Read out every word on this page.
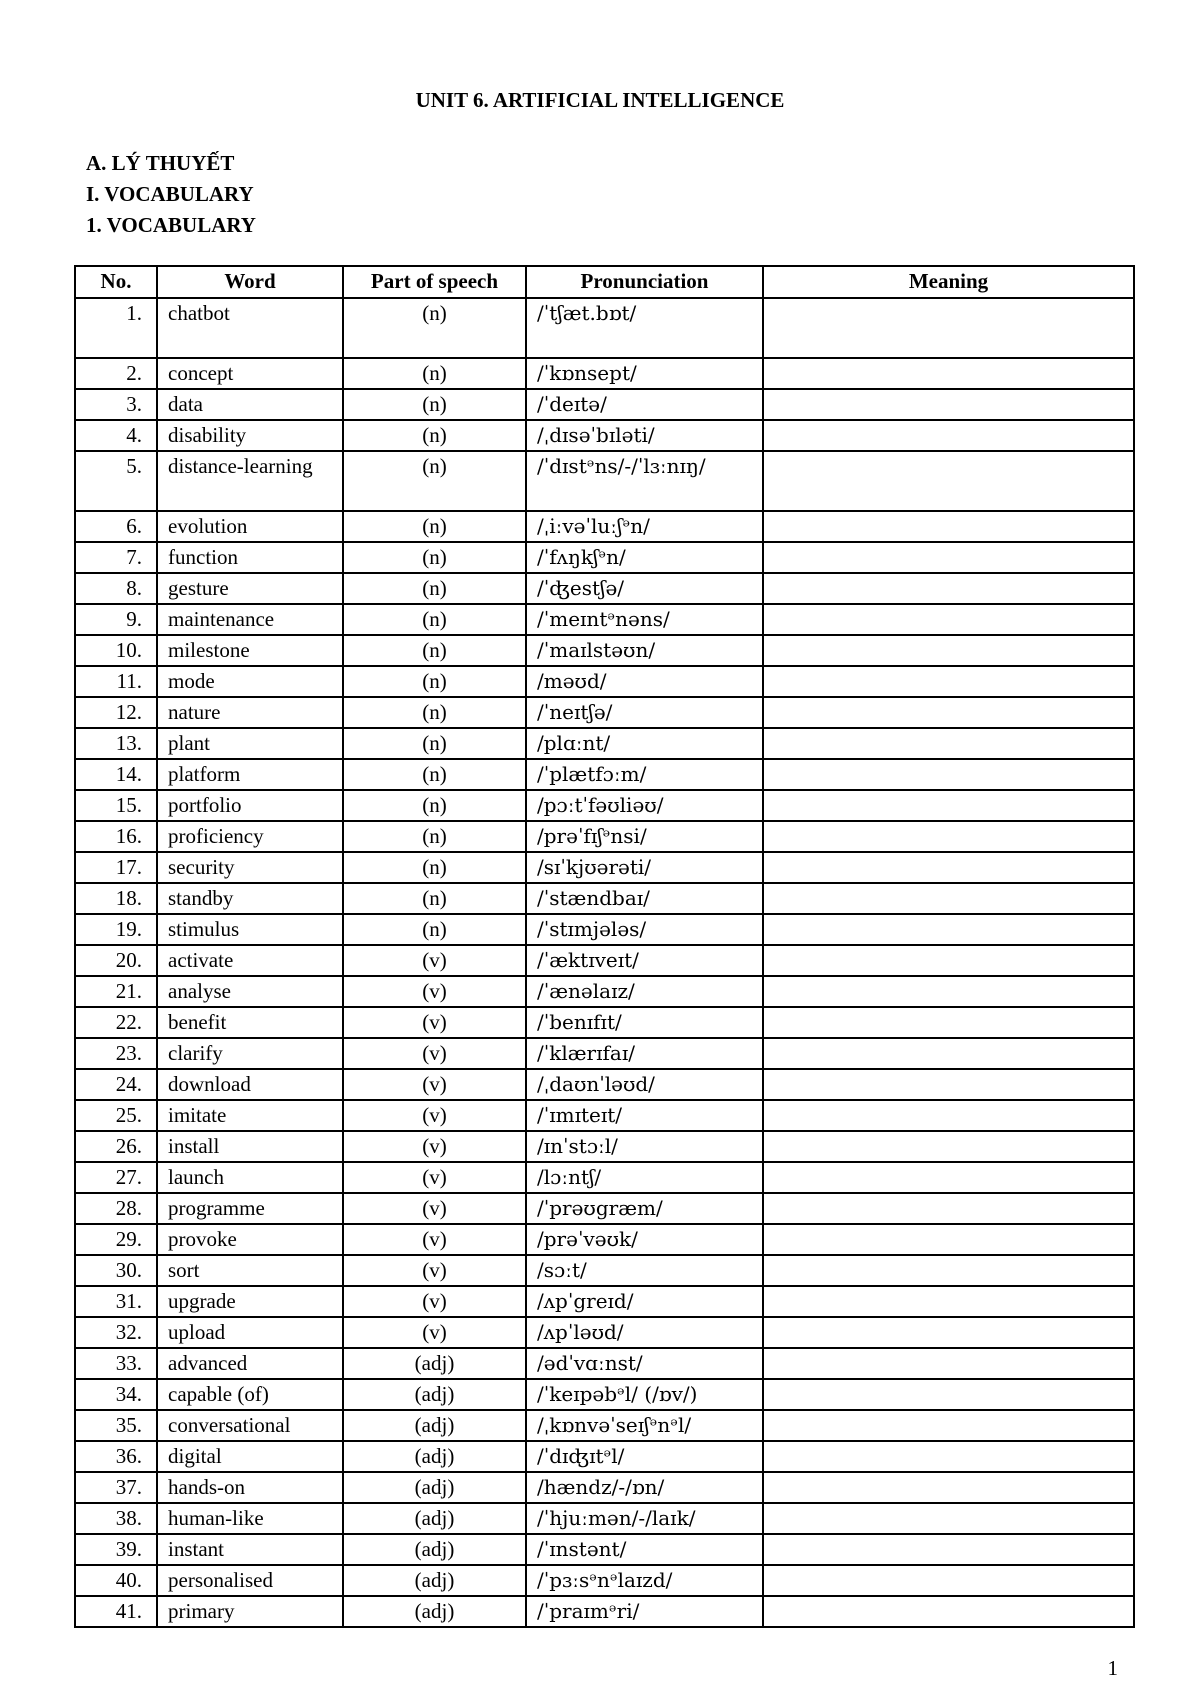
UNIT 6. ARTIFICIAL INTELLIGENCE
A. LÝ THUYẾT
I. VOCABULARY
1. VOCABULARY
No.	Word	Part of speech	Pronunciation	Meaning
1.	chatbot	(n)	/ˈtʃæt.bɒt/	
2.	concept	(n)	/ˈkɒnsept/	
3.	data	(n)	/ˈdeɪtə/	
4.	disability	(n)	/ˌdɪsəˈbɪləti/	
5.	distance-​learning	(n)	/ˈdɪstᵊns/-/ˈlɜːnɪŋ/	
6.	evolution	(n)	/ˌiːvəˈluːʃᵊn/	
7.	function	(n)	/ˈfʌŋkʃᵊn/	
8.	gesture	(n)	/ˈʤestʃə/	
9.	maintenance	(n)	/ˈmeɪntᵊnəns/	
10.	milestone	(n)	/ˈmaɪlstəʊn/	
11.	mode	(n)	/məʊd/	
12.	nature	(n)	/ˈneɪtʃə/	
13.	plant	(n)	/plɑːnt/	
14.	platform	(n)	/ˈplætfɔːm/	
15.	portfolio	(n)	/pɔːtˈfəʊliəʊ/	
16.	proficiency	(n)	/prəˈfɪʃᵊnsi/	
17.	security	(n)	/sɪˈkjʊərəti/	
18.	standby	(n)	/ˈstændbaɪ/	
19.	stimulus	(n)	/ˈstɪmjələs/	
20.	activate	(v)	/ˈæktɪveɪt/	
21.	analyse	(v)	/ˈænəlaɪz/	
22.	benefit	(v)	/ˈbenɪfɪt/	
23.	clarify	(v)	/ˈklærɪfaɪ/	
24.	download	(v)	/ˌdaʊnˈləʊd/	
25.	imitate	(v)	/ˈɪmɪteɪt/	
26.	install	(v)	/ɪnˈstɔːl/	
27.	launch	(v)	/lɔːntʃ/	
28.	programme	(v)	/ˈprəʊgræm/	
29.	provoke	(v)	/prəˈvəʊk/	
30.	sort	(v)	/sɔːt/	
31.	upgrade	(v)	/ʌpˈgreɪd/	
32.	upload	(v)	/ʌpˈləʊd/	
33.	advanced	(adj)	/ədˈvɑːnst/	
34.	capable (of)	(adj)	/ˈkeɪpəbᵊl/ (/ɒv/)	
35.	conversational	(adj)	/ˌkɒnvəˈseɪʃᵊnᵊl/	
36.	digital	(adj)	/ˈdɪʤɪtᵊl/	
37.	hands-on	(adj)	/hændz/-/ɒn/	
38.	human-like	(adj)	/ˈhjuːmən/-/laɪk/	
39.	instant	(adj)	/ˈɪnstənt/	
40.	personalised	(adj)	/ˈpɜːsᵊnᵊlaɪzd/	
41.	primary	(adj)	/ˈpraɪmᵊri/	
1
